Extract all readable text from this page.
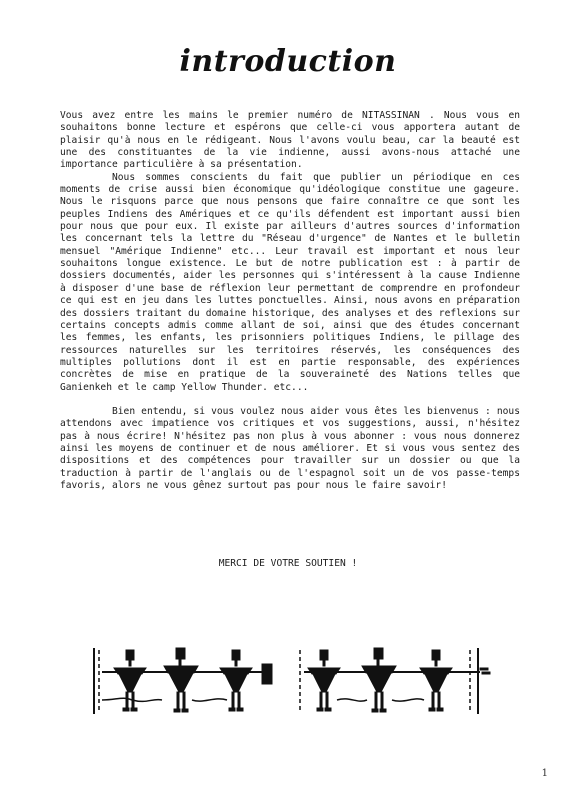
introduction

Vous avez entre les mains le premier numéro de NITASSINAN . Nous vous en souhaitons bonne lecture et espérons que celle-ci vous apportera autant de plaisir qu'à nous en le rédigeant. Nous l'avons voulu beau, car la beauté est une des constituantes de la vie indienne, aussi avons-nous attaché une importance particulière à sa présentation.

Nous sommes conscients du fait que publier un périodique en ces moments de crise aussi bien économique qu'idéologique constitue une gageure. Nous le risquons parce que nous pensons que faire connaître ce que sont les peuples Indiens des Amériques et ce qu'ils défendent est important aussi bien pour nous que pour eux. Il existe par ailleurs d'autres sources d'information les concernant tels la lettre du "Réseau d'urgence" de Nantes et le bulletin mensuel "Amérique Indienne" etc... Leur travail est important et nous leur souhaitons longue existence. Le but de notre publication est : à partir de dossiers documentés, aider les personnes qui s'intéressent à la cause Indienne à disposer d'une base de réflexion leur permettant de comprendre en profondeur ce qui est en jeu dans les luttes ponctuelles. Ainsi, nous avons en préparation des dossiers traitant du domaine historique, des analyses et des reflexions sur certains concepts admis comme allant de soi, ainsi que des études concernant les femmes, les enfants, les prisonniers politiques Indiens, le pillage des ressources naturelles sur les territoires réservés, les conséquences des multiples pollutions dont il est en partie responsable, des expériences concrètes de mise en pratique de la souveraineté des Nations telles que Ganienkeh et le camp Yellow Thunder. etc...

Bien entendu, si vous voulez nous aider vous êtes les bienvenus : nous attendons avec impatience vos critiques et vos suggestions, aussi, n'hésitez pas à nous écrire! N'hésitez pas non plus à vous abonner : vous nous donnerez ainsi les moyens de continuer et de nous améliorer. Et si vous vous sentez des dispositions et des compétences pour travailler sur un dossier ou que la traduction à partir de l'anglais ou de l'espagnol soit un de vos passe-temps favoris, alors ne vous gênez surtout pas pour nous le faire savoir!

MERCI DE VOTRE SOUTIEN !
1
